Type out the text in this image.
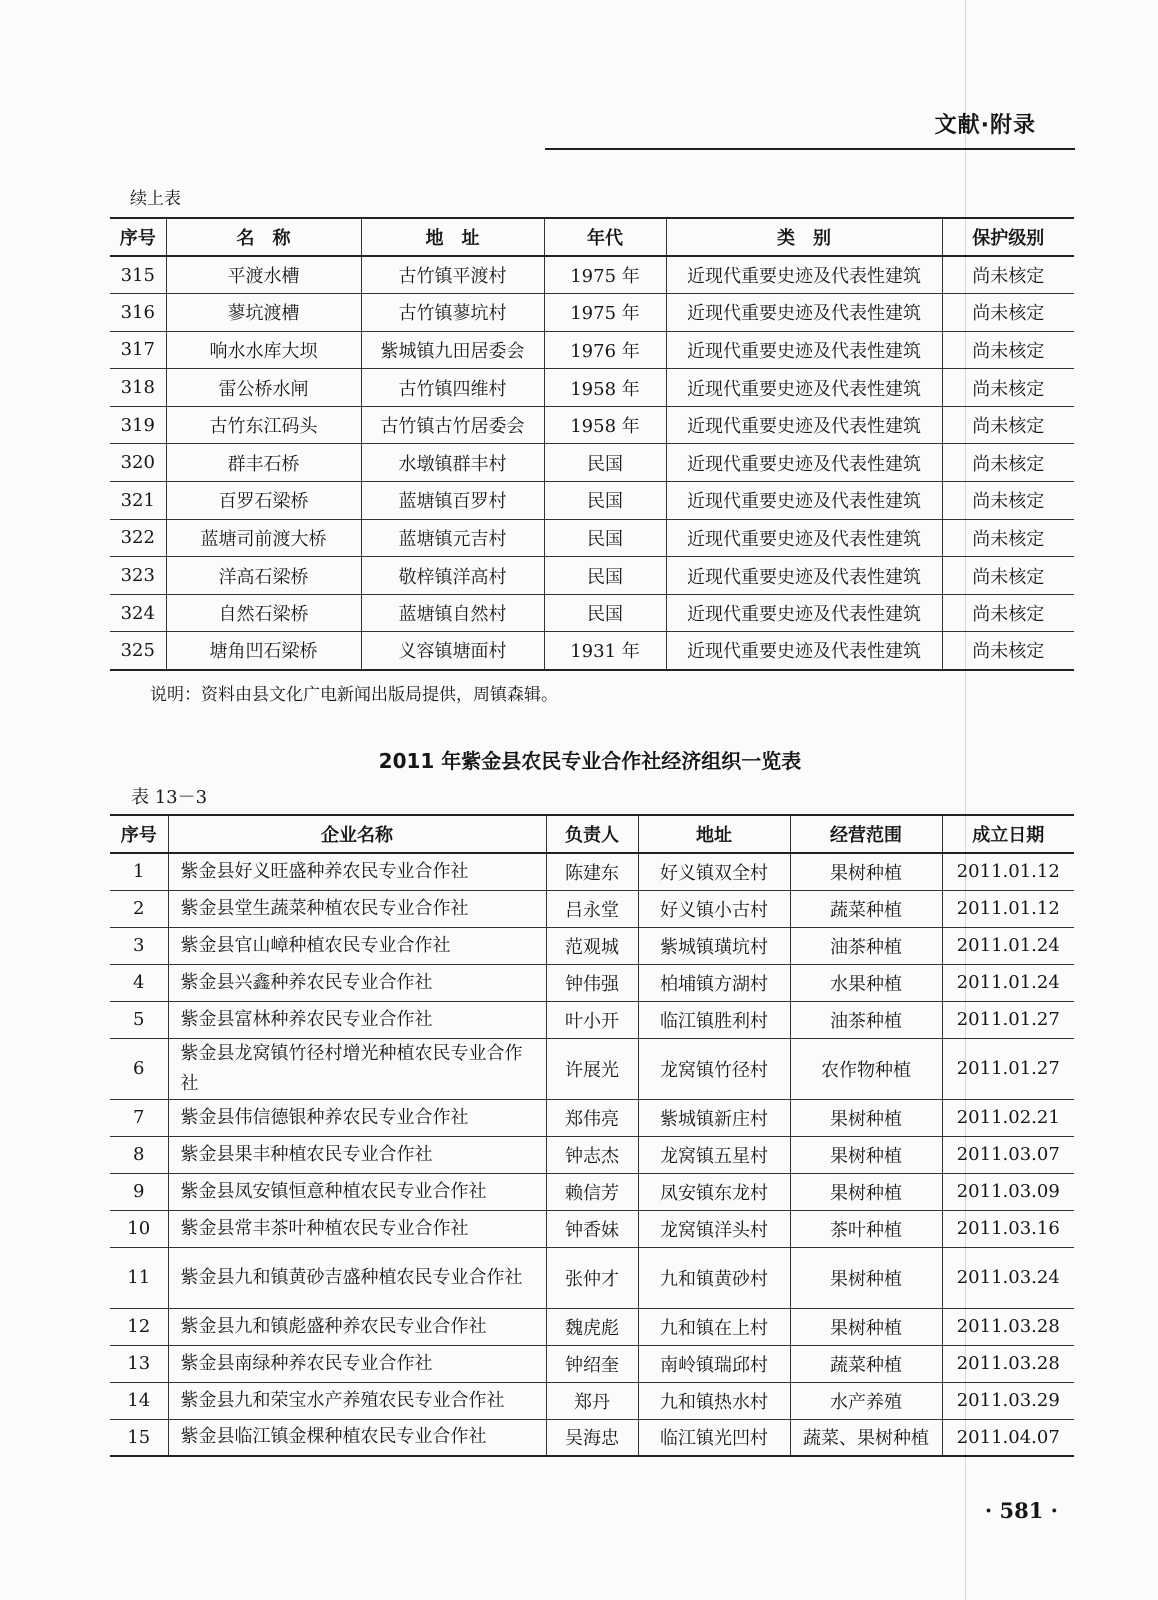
文献·附录
续上表
序号	名　称	地　址	年代	类　别	保护级别
315	平渡水槽	古竹镇平渡村	1975 年	近现代重要史迹及代表性建筑	尚未核定
316	蓼坑渡槽	古竹镇蓼坑村	1975 年	近现代重要史迹及代表性建筑	尚未核定
317	响水水库大坝	紫城镇九田居委会	1976 年	近现代重要史迹及代表性建筑	尚未核定
318	雷公桥水闸	古竹镇四维村	1958 年	近现代重要史迹及代表性建筑	尚未核定
319	古竹东江码头	古竹镇古竹居委会	1958 年	近现代重要史迹及代表性建筑	尚未核定
320	群丰石桥	水墩镇群丰村	民国	近现代重要史迹及代表性建筑	尚未核定
321	百罗石梁桥	蓝塘镇百罗村	民国	近现代重要史迹及代表性建筑	尚未核定
322	蓝塘司前渡大桥	蓝塘镇元吉村	民国	近现代重要史迹及代表性建筑	尚未核定
323	洋高石梁桥	敬梓镇洋高村	民国	近现代重要史迹及代表性建筑	尚未核定
324	自然石梁桥	蓝塘镇自然村	民国	近现代重要史迹及代表性建筑	尚未核定
325	塘角凹石梁桥	义容镇塘面村	1931 年	近现代重要史迹及代表性建筑	尚未核定
说明：资料由县文化广电新闻出版局提供，周镇森辑。
2011 年紫金县农民专业合作社经济组织一览表
表 13－3
序号	企业名称	负责人	地址	经营范围	成立日期
1	紫金县好义旺盛种养农民专业合作社	陈建东	好义镇双全村	果树种植	2011.01.12
2	紫金县堂生蔬菜种植农民专业合作社	吕永堂	好义镇小古村	蔬菜种植	2011.01.12
3	紫金县官山嶂种植农民专业合作社	范观城	紫城镇璜坑村	油茶种植	2011.01.24
4	紫金县兴鑫种养农民专业合作社	钟伟强	柏埔镇方湖村	水果种植	2011.01.24
5	紫金县富林种养农民专业合作社	叶小开	临江镇胜利村	油茶种植	2011.01.27
6	紫金县龙窝镇竹径村增光种植农民专业合作社	许展光	龙窝镇竹径村	农作物种植	2011.01.27
7	紫金县伟信德银种养农民专业合作社	郑伟亮	紫城镇新庄村	果树种植	2011.02.21
8	紫金县果丰种植农民专业合作社	钟志杰	龙窝镇五星村	果树种植	2011.03.07
9	紫金县凤安镇恒意种植农民专业合作社	赖信芳	凤安镇东龙村	果树种植	2011.03.09
10	紫金县常丰茶叶种植农民专业合作社	钟香妹	龙窝镇洋头村	茶叶种植	2011.03.16
11	紫金县九和镇黄砂吉盛种植农民专业合作社	张仲才	九和镇黄砂村	果树种植	2011.03.24
12	紫金县九和镇彪盛种养农民专业合作社	魏虎彪	九和镇在上村	果树种植	2011.03.28
13	紫金县南绿种养农民专业合作社	钟绍奎	南岭镇瑞邱村	蔬菜种植	2011.03.28
14	紫金县九和荣宝水产养殖农民专业合作社	郑丹	九和镇热水村	水产养殖	2011.03.29
15	紫金县临江镇金棵种植农民专业合作社	吴海忠	临江镇光凹村	蔬菜、果树种植	2011.04.07
· 581 ·
